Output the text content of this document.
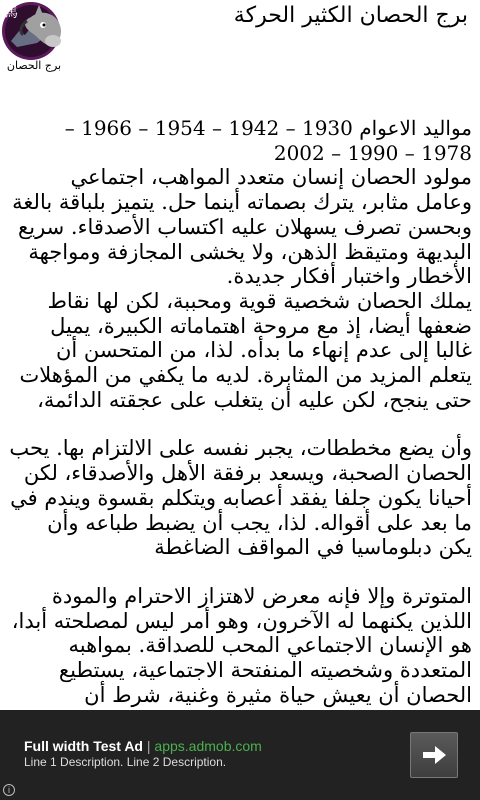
馬
برج الحصان
برج الحصان الكثير الحركة

مواليد الاعوام 1930 – 1942 – 1954 – 1966 – 1978 – 1990 – 2002

مولود الحصان إنسان متعدد المواهب، اجتماعي وعامل مثابر، يترك بصماته أينما حل. يتميز بلباقة بالغة وبحسن تصرف يسهلان عليه اكتساب الأصدقاء. سريع البديهة ومتيقظ الذهن، ولا يخشى المجازفة ومواجهة الأخطار واختبار أفكار جديدة.

يملك الحصان شخصية قوية ومحببة، لكن لها نقاط ضعفها أيضا، إذ مع مروحة اهتماماته الكبيرة، يميل غالبا إلى عدم إنهاء ما بدأه. لذا، من المتحسن أن يتعلم المزيد من المثابرة. لديه ما يكفي من المؤهلات حتى ينجح، لكن عليه أن يتغلب على عجقته الدائمة،

وأن يضع مخططات، يجبر نفسه على الالتزام بها. يحب الحصان الصحبة، ويسعد برفقة الأهل والأصدقاء، لكن أحيانا يكون جلفا يفقد أعصابه ويتكلم بقسوة ويندم في ما بعد على أقواله. لذا، يجب أن يضبط طباعه وأن يكن دبلوماسيا في المواقف الضاغطة

المتوترة وإلا فإنه معرض لاهتزاز الاحترام والمودة اللذين يكنهما له الآخرون، وهو أمر ليس لمصلحته أبدا، هو الإنسان الاجتماعي المحب للصداقة. بمواهبه المتعددة وشخصيته المنفتحة الاجتماعية، يستطيع الحصان أن يعيش حياة مثيرة وغنية، شرط أن

Full width Test Ad | apps.admob.com
Line 1 Description. Line 2 Description.
i
